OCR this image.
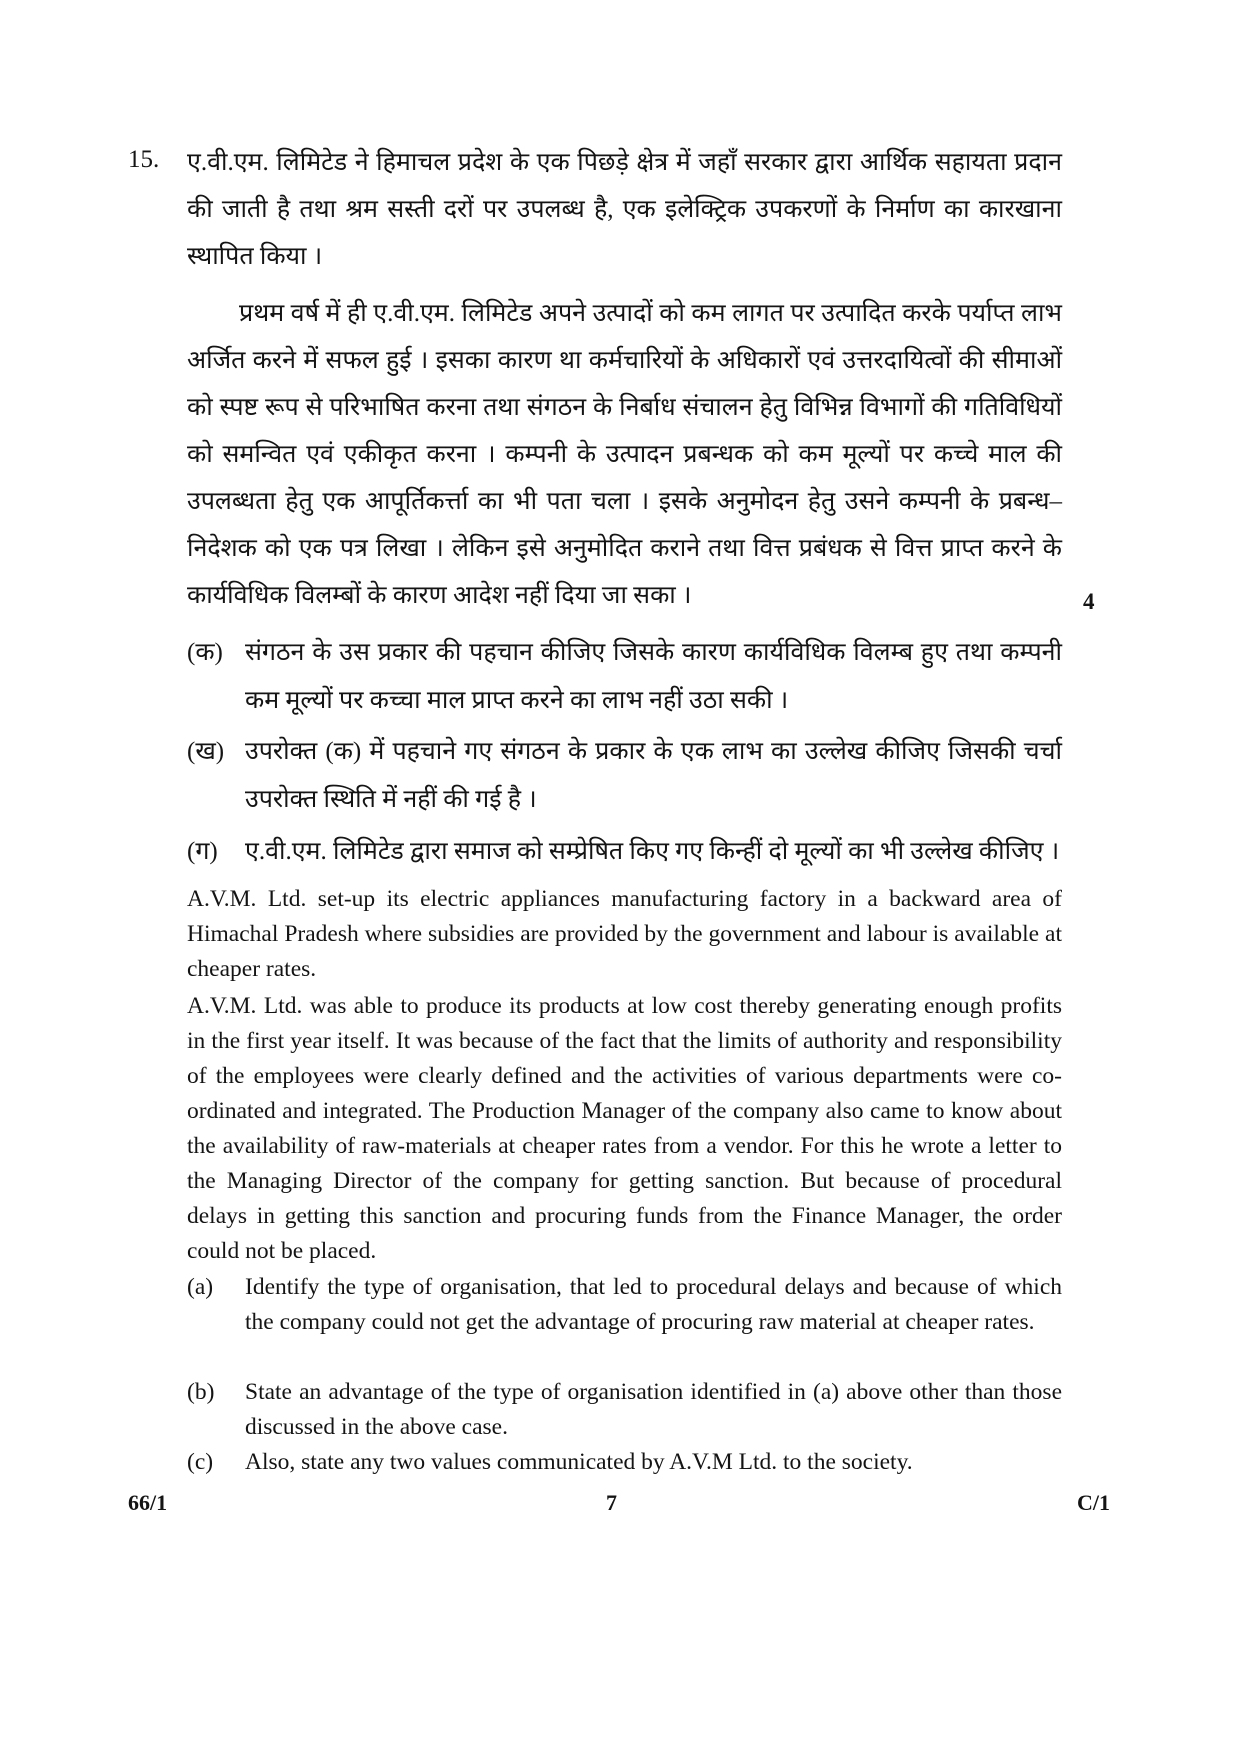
15. ए.वी.एम. लिमिटेड ने हिमाचल प्रदेश के एक पिछड़े क्षेत्र में जहाँ सरकार द्वारा आर्थिक सहायता प्रदान की जाती है तथा श्रम सस्ती दरों पर उपलब्ध है, एक इलेक्ट्रिक उपकरणों के निर्माण का कारखाना स्थापित किया ।
प्रथम वर्ष में ही ए.वी.एम. लिमिटेड अपने उत्पादों को कम लागत पर उत्पादित करके पर्याप्त लाभ अर्जित करने में सफल हुई । इसका कारण था कर्मचारियों के अधिकारों एवं उत्तरदायित्वों की सीमाओं को स्पष्ट रूप से परिभाषित करना तथा संगठन के निर्बाध संचालन हेतु विभिन्न विभागों की गतिविधियों को समन्वित एवं एकीकृत करना । कम्पनी के उत्पादन प्रबन्धक को कम मूल्यों पर कच्चे माल की उपलब्धता हेतु एक आपूर्तिकर्त्ता का भी पता चला । इसके अनुमोदन हेतु उसने कम्पनी के प्रबन्ध–निदेशक को एक पत्र लिखा । लेकिन इसे अनुमोदित कराने तथा वित्त प्रबंधक से वित्त प्राप्त करने के कार्यविधिक विलम्बों के कारण आदेश नहीं दिया जा सका ।	4
(क) संगठन के उस प्रकार की पहचान कीजिए जिसके कारण कार्यविधिक विलम्ब हुए तथा कम्पनी कम मूल्यों पर कच्चा माल प्राप्त करने का लाभ नहीं उठा सकी ।
(ख) उपरोक्त (क) में पहचाने गए संगठन के प्रकार के एक लाभ का उल्लेख कीजिए जिसकी चर्चा उपरोक्त स्थिति में नहीं की गई है ।
(ग) ए.वी.एम. लिमिटेड द्वारा समाज को सम्प्रेषित किए गए किन्हीं दो मूल्यों का भी उल्लेख कीजिए ।
A.V.M. Ltd. set-up its electric appliances manufacturing factory in a backward area of Himachal Pradesh where subsidies are provided by the government and labour is available at cheaper rates.
A.V.M. Ltd. was able to produce its products at low cost thereby generating enough profits in the first year itself. It was because of the fact that the limits of authority and responsibility of the employees were clearly defined and the activities of various departments were co-ordinated and integrated. The Production Manager of the company also came to know about the availability of raw-materials at cheaper rates from a vendor. For this he wrote a letter to the Managing Director of the company for getting sanction. But because of procedural delays in getting this sanction and procuring funds from the Finance Manager, the order could not be placed.
(a) Identify the type of organisation, that led to procedural delays and because of which the company could not get the advantage of procuring raw material at cheaper rates.
(b) State an advantage of the type of organisation identified in (a) above other than those discussed in the above case.
(c) Also, state any two values communicated by A.V.M Ltd. to the society.
66/1	7	C/1
